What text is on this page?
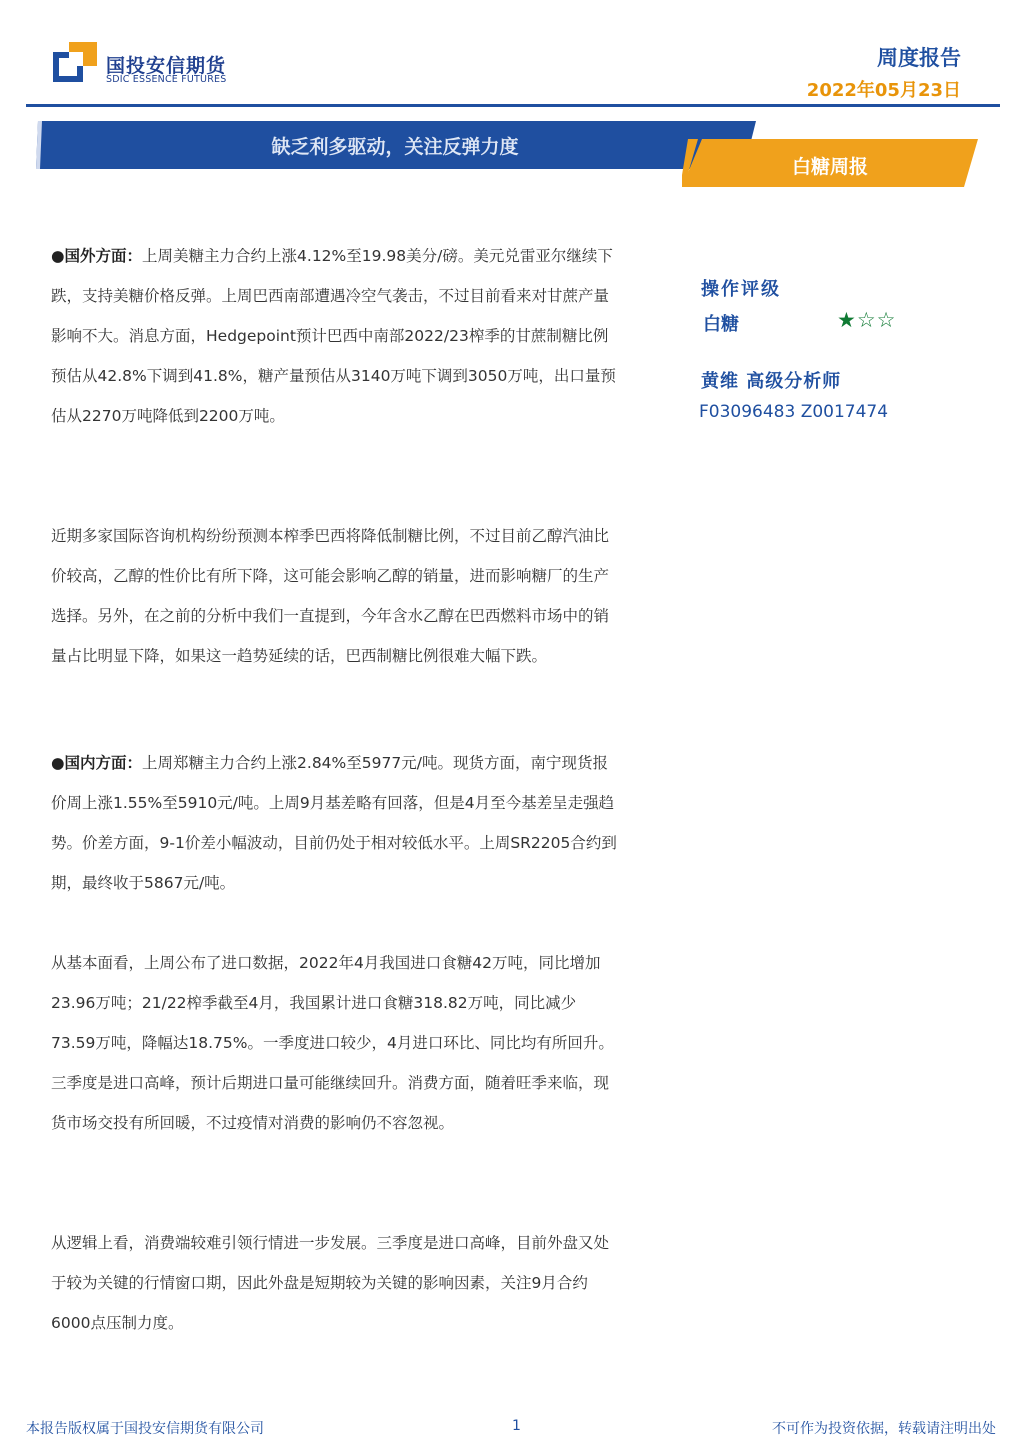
国投安信期货
SDIC ESSENCE FUTURES
周度报告
2022年05月23日
缺乏利多驱动，关注反弹力度
白糖周报
●国外方面：上周美糖主力合约上涨4.12%至19.98美分/磅。美元兑雷亚尔继续下跌，支持美糖价格反弹。上周巴西南部遭遇冷空气袭击，不过目前看来对甘蔗产量影响不大。消息方面，Hedgepoint预计巴西中南部2022/23榨季的甘蔗制糖比例预估从42.8%下调到41.8%，糖产量预估从3140万吨下调到3050万吨，出口量预估从2270万吨降低到2200万吨。
近期多家国际咨询机构纷纷预测本榨季巴西将降低制糖比例，不过目前乙醇汽油比价较高，乙醇的性价比有所下降，这可能会影响乙醇的销量，进而影响糖厂的生产选择。另外，在之前的分析中我们一直提到，今年含水乙醇在巴西燃料市场中的销量占比明显下降，如果这一趋势延续的话，巴西制糖比例很难大幅下跌。
●国内方面：上周郑糖主力合约上涨2.84%至5977元/吨。现货方面，南宁现货报价周上涨1.55%至5910元/吨。上周9月基差略有回落，但是4月至今基差呈走强趋势。价差方面，9-1价差小幅波动，目前仍处于相对较低水平。上周SR2205合约到期，最终收于5867元/吨。
从基本面看，上周公布了进口数据，2022年4月我国进口食糖42万吨，同比增加23.96万吨；21/22榨季截至4月，我国累计进口食糖318.82万吨，同比减少73.59万吨，降幅达18.75%。一季度进口较少，4月进口环比、同比均有所回升。三季度是进口高峰，预计后期进口量可能继续回升。消费方面，随着旺季来临，现货市场交投有所回暖，不过疫情对消费的影响仍不容忽视。
从逻辑上看，消费端较难引领行情进一步发展。三季度是进口高峰，目前外盘又处于较为关键的行情窗口期，因此外盘是短期较为关键的影响因素，关注9月合约6000点压制力度。
操作评级
白糖	★☆☆
黄维 高级分析师
F03096483 Z0017474
本报告版权属于国投安信期货有限公司	1	不可作为投资依据，转载请注明出处
